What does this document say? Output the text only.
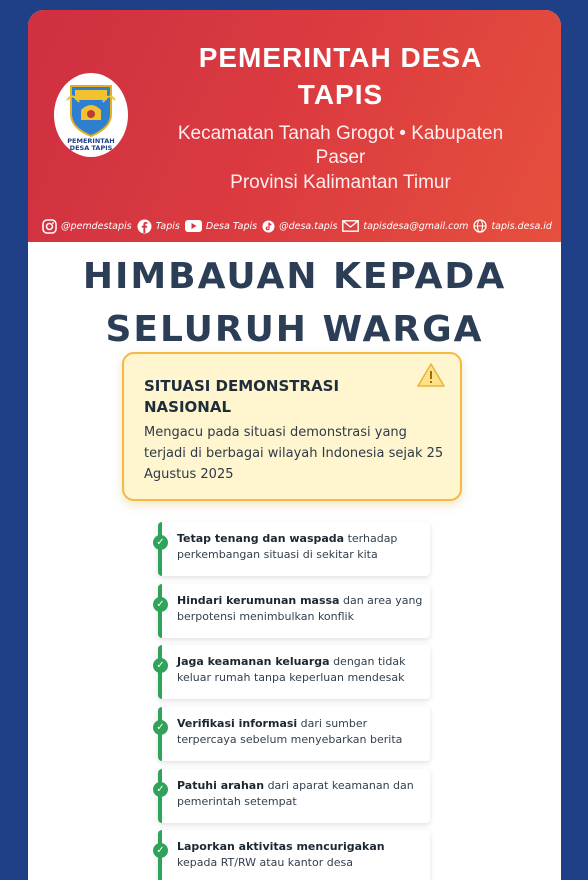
PEMERINTAH
DESA TAPIS
PEMERINTAH DESA
TAPIS
Kecamatan Tanah Grogot • Kabupaten
Paser
Provinsi Kalimantan Timur
@pemdestapis	Tapis	Desa Tapis @desa.tapis	tapisdesa@gmail.com tapis.desa.id
HIMBAUAN KEPADA
SELURUH WARGA
SITUASI DEMONSTRASI NASIONAL
Mengacu pada situasi demonstrasi yang terjadi di berbagai wilayah Indonesia sejak 25 Agustus 2025
✓	Tetap tenang dan waspada terhadap perkembangan situasi di sekitar kita
✓	Hindari kerumunan massa dan area yang berpotensi menimbulkan konflik
✓	Jaga keamanan keluarga dengan tidak keluar rumah tanpa keperluan mendesak
✓	Verifikasi informasi dari sumber terpercaya sebelum menyebarkan berita
✓	Patuhi arahan dari aparat keamanan dan pemerintah setempat
✓	Laporkan aktivitas mencurigakan kepada RT/RW atau kantor desa
